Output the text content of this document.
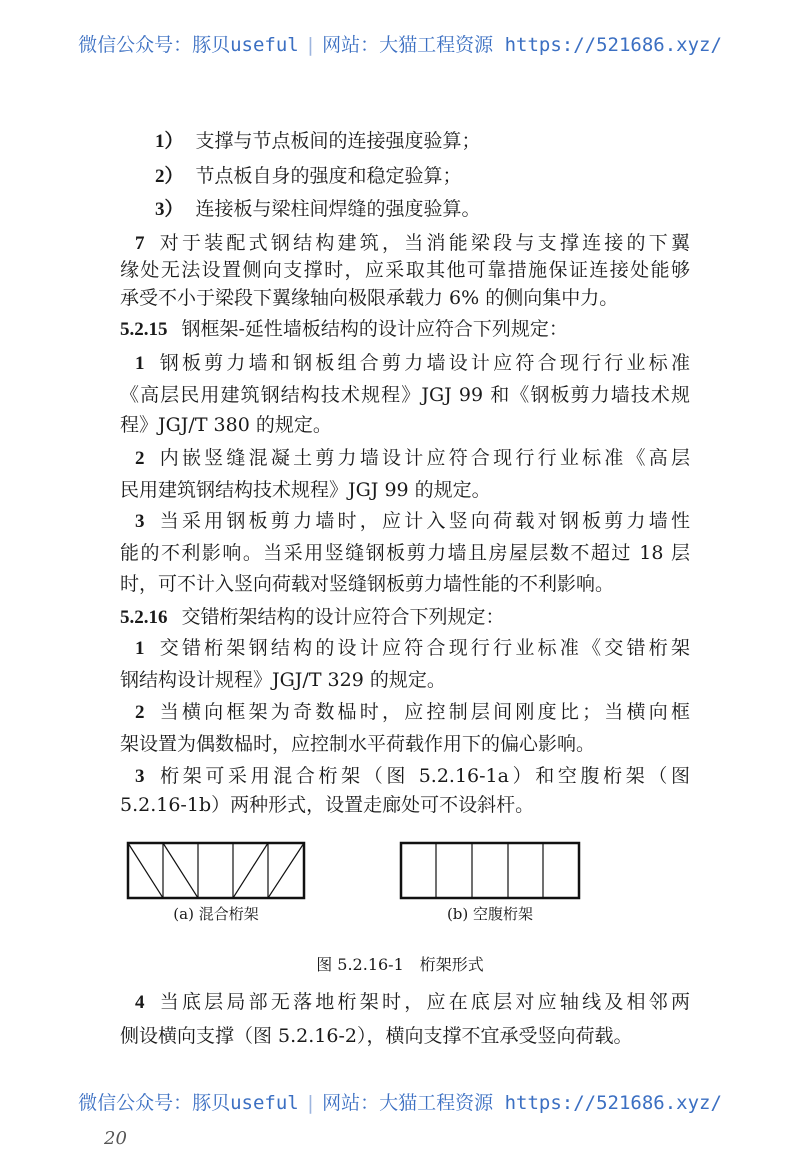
微信公众号：豚贝useful | 网站：大猫工程资源 https://521686.xyz/
1） 支撑与节点板间的连接强度验算；
2） 节点板自身的强度和稳定验算；
3） 连接板与梁柱间焊缝的强度验算。
7 对于装配式钢结构建筑，当消能梁段与支撑连接的下翼
缘处无法设置侧向支撑时，应采取其他可靠措施保证连接处能够
承受不小于梁段下翼缘轴向极限承载力 6% 的侧向集中力。
5.2.15 钢框架-延性墙板结构的设计应符合下列规定：
1 钢板剪力墙和钢板组合剪力墙设计应符合现行行业标准
《高层民用建筑钢结构技术规程》JGJ 99 和《钢板剪力墙技术规
程》JGJ/T 380 的规定。
2 内嵌竖缝混凝土剪力墙设计应符合现行行业标准《高层
民用建筑钢结构技术规程》JGJ 99 的规定。
3 当采用钢板剪力墙时，应计入竖向荷载对钢板剪力墙性
能的不利影响。当采用竖缝钢板剪力墙且房屋层数不超过 18 层
时，可不计入竖向荷载对竖缝钢板剪力墙性能的不利影响。
5.2.16 交错桁架结构的设计应符合下列规定：
1 交错桁架钢结构的设计应符合现行行业标准《交错桁架
钢结构设计规程》JGJ/T 329 的规定。
2 当横向框架为奇数榀时，应控制层间刚度比；当横向框
架设置为偶数榀时，应控制水平荷载作用下的偏心影响。
3 桁架可采用混合桁架（图 5.2.16-1a）和空腹桁架（图
5.2.16-1b）两种形式，设置走廊处可不设斜杆。
4 当底层局部无落地桁架时，应在底层对应轴线及相邻两
侧设横向支撑（图 5.2.16-2），横向支撑不宜承受竖向荷载。
(a) 混合桁架	(b) 空腹桁架
图 5.2.16-1　桁架形式
微信公众号：豚贝useful | 网站：大猫工程资源 https://521686.xyz/
20
